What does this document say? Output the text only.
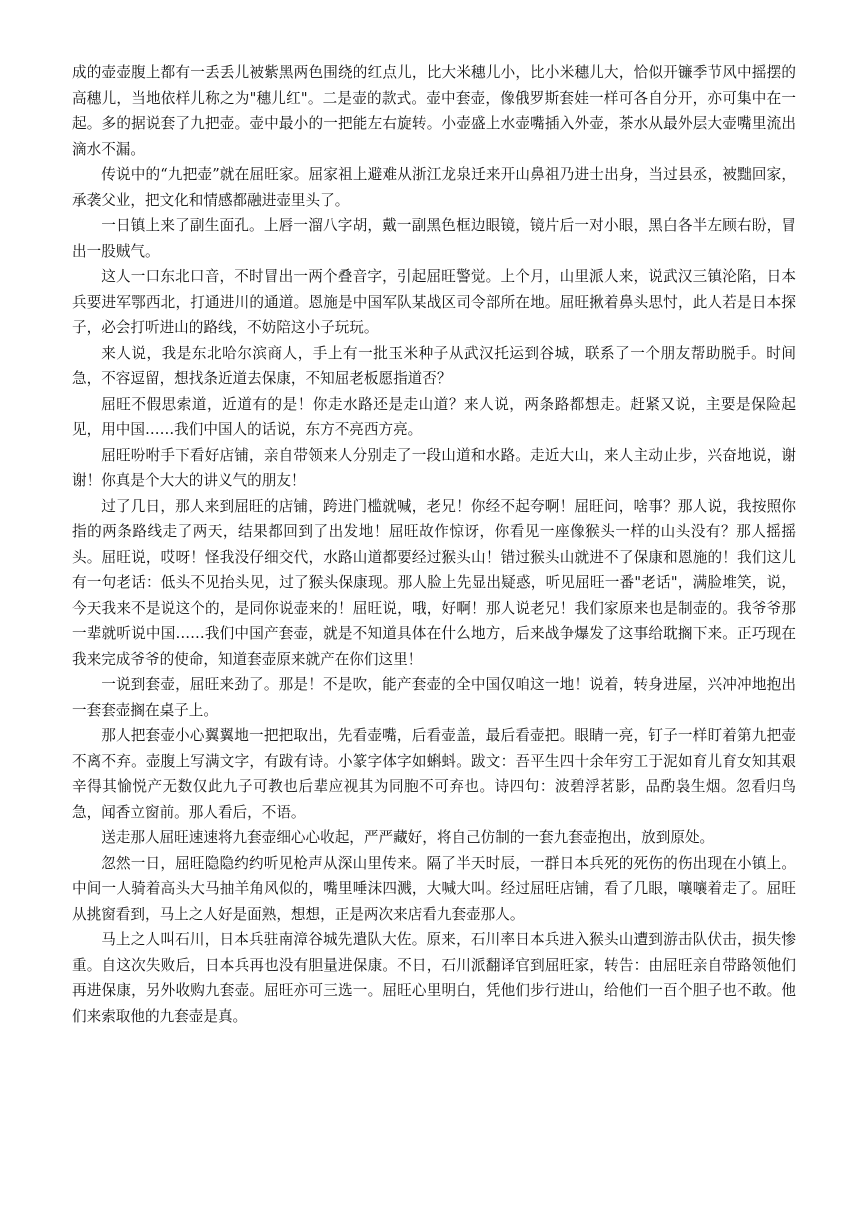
成的壶壶腹上都有一丢丢儿被紫黑两色围绕的红点儿，比大米穗儿小，比小米穗儿大，恰似开镰季节风中摇摆的高穗儿，当地依样儿称之为"穗儿红"。二是壶的款式。壶中套壶，像俄罗斯套娃一样可各自分开，亦可集中在一起。多的据说套了九把壶。壶中最小的一把能左右旋转。小壶盛上水壶嘴插入外壶，茶水从最外层大壶嘴里流出滴水不漏。

传说中的“九把壶”就在屈旺家。屈家祖上避难从浙江龙泉迁来开山鼻祖乃进士出身，当过县丞，被黜回家，承袭父业，把文化和情感都融进壶里头了。

一日镇上来了副生面孔。上唇一溜八字胡，戴一副黑色框边眼镜，镜片后一对小眼，黑白各半左顾右盼，冒出一股贼气。

这人一口东北口音，不时冒出一两个叠音字，引起屈旺警觉。上个月，山里派人来，说武汉三镇沦陷，日本兵要进军鄂西北，打通进川的通道。恩施是中国军队某战区司令部所在地。屈旺揪着鼻头思忖，此人若是日本探子，必会打听进山的路线，不妨陪这小子玩玩。

来人说，我是东北哈尔滨商人，手上有一批玉米种子从武汉托运到谷城，联系了一个朋友帮助脱手。时间急，不容逗留，想找条近道去保康，不知屈老板愿指道否？

屈旺不假思索道，近道有的是！你走水路还是走山道？来人说，两条路都想走。赶紧又说，主要是保险起见，用中国……我们中国人的话说，东方不亮西方亮。

屈旺吩咐手下看好店铺，亲自带领来人分别走了一段山道和水路。走近大山，来人主动止步，兴奋地说，谢谢！你真是个大大的讲义气的朋友！

过了几日，那人来到屈旺的店铺，跨进门槛就喊，老兄！你经不起夸啊！屈旺问，啥事？那人说，我按照你指的两条路线走了两天，结果都回到了出发地！屈旺故作惊讶，你看见一座像猴头一样的山头没有？那人摇摇头。屈旺说，哎呀！怪我没仔细交代，水路山道都要经过猴头山！错过猴头山就进不了保康和恩施的！我们这儿有一句老话：低头不见抬头见，过了猴头保康现。那人脸上先显出疑惑，听见屈旺一番"老话"，满脸堆笑，说，今天我来不是说这个的，是同你说壶来的！屈旺说，哦，好啊！那人说老兄！我们家原来也是制壶的。我爷爷那一辈就听说中国……我们中国产套壶，就是不知道具体在什么地方，后来战争爆发了这事给耽搁下来。正巧现在我来完成爷爷的使命，知道套壶原来就产在你们这里！

一说到套壶，屈旺来劲了。那是！不是吹，能产套壶的全中国仅咱这一地！说着，转身进屋，兴冲冲地抱出一套套壶搁在桌子上。

那人把套壶小心翼翼地一把把取出，先看壶嘴，后看壶盖，最后看壶把。眼睛一亮，钉子一样盯着第九把壶不离不弃。壶腹上写满文字，有跋有诗。小篆字体字如蝌蚪。跋文：吾平生四十余年穷工于泥如育儿育女知其艰辛得其愉悦产无数仅此九子可教也后辈应视其为同胞不可弃也。诗四句：波碧浮茗影，品酌袅生烟。忽看归鸟急，闻香立窗前。那人看后，不语。

送走那人屈旺速速将九套壶细心心收起，严严藏好，将自己仿制的一套九套壶抱出，放到原处。

忽然一日，屈旺隐隐约约听见枪声从深山里传来。隔了半天时辰，一群日本兵死的死伤的伤出现在小镇上。中间一人骑着高头大马抽羊角风似的，嘴里唾沫四溅，大喊大叫。经过屈旺店铺，看了几眼，嚷嚷着走了。屈旺从挑窗看到，马上之人好是面熟，想想，正是两次来店看九套壶那人。

马上之人叫石川，日本兵驻南漳谷城先遣队大佐。原来，石川率日本兵进入猴头山遭到游击队伏击，损失惨重。自这次失败后，日本兵再也没有胆量进保康。不日，石川派翻译官到屈旺家，转告：由屈旺亲自带路领他们再进保康，另外收购九套壶。屈旺亦可三选一。屈旺心里明白，凭他们步行进山，给他们一百个胆子也不敢。他们来索取他的九套壶是真。
